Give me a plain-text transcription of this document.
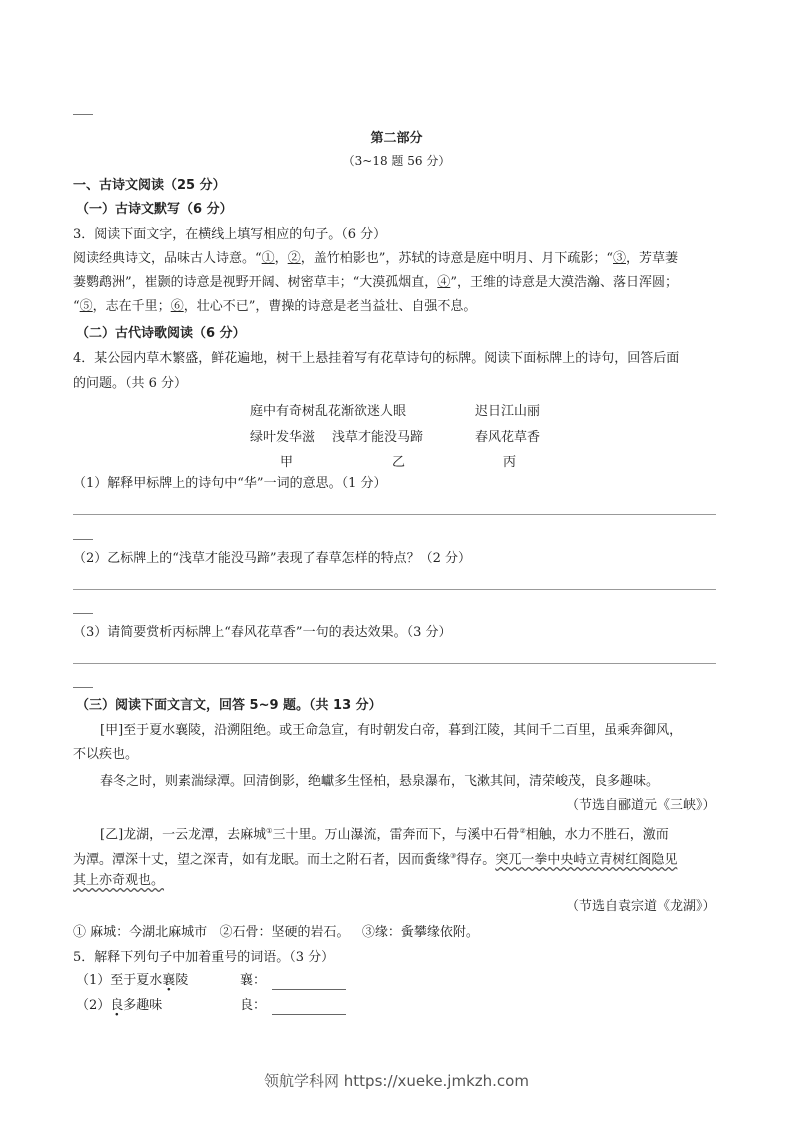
第二部分
（3~18 题 56 分）
一、古诗文阅读（25 分）
（一）古诗文默写（6 分）
3．阅读下面文字，在横线上填写相应的句子。（6 分）
阅读经典诗文，品味古人诗意。“①，②，盖竹柏影也”，苏轼的诗意是庭中明月、月下疏影；“③，芳草萋
萋鹦鹉洲”，崔颢的诗意是视野开阔、树密草丰；“大漠孤烟直，④”，王维的诗意是大漠浩瀚、落日浑圆；
“⑤，志在千里；⑥，壮心不已”，曹操的诗意是老当益壮、自强不息。
（二）古代诗歌阅读（6 分）
4．某公园内草木繁盛，鲜花遍地，树干上悬挂着写有花草诗句的标牌。阅读下面标牌上的诗句，回答后面
的问题。（共 6 分）
庭中有奇树乱花渐欲迷人眼	迟日江山丽
绿叶发华滋 浅草才能没马蹄	春风花草香
甲	乙	丙
（1）解释甲标牌上的诗句中“华”一词的意思。（1 分）
（2）乙标牌上的“浅草才能没马蹄”表现了春草怎样的特点？（2 分）
（3）请简要赏析丙标牌上“春风花草香”一句的表达效果。（3 分）
（三）阅读下面文言文，回答 5~9 题。（共 13 分）
[甲]至于夏水襄陵，沿溯阻绝。或王命急宣，有时朝发白帝，暮到江陵，其间千二百里，虽乘奔御风，
不以疾也。
春冬之时，则素湍绿潭。回清倒影，绝巘多生怪柏，悬泉瀑布，飞漱其间，清荣峻茂，良多趣味。
（节选自郦道元《三峡》）
[乙]龙湖，一云龙潭，去麻城①三十里。万山瀑流，雷奔而下，与溪中石骨②相触，水力不胜石，激而
为潭。潭深十丈，望之深青，如有龙眠。而土之附石者，因而夤缘③得存。突兀一拳中央峙立青树红阁隐见
其上亦奇观也。
（节选自袁宗道《龙湖》）
① 麻城：今湖北麻城市   ②石骨：坚硬的岩石。   ③缘：夤攀缘依附。
5．解释下列句子中加着重号的词语。（3 分）
（1）至于夏水襄陵	襄：
（2）良多趣味	良：
领航学科网 https://xueke.jmkzh.com
